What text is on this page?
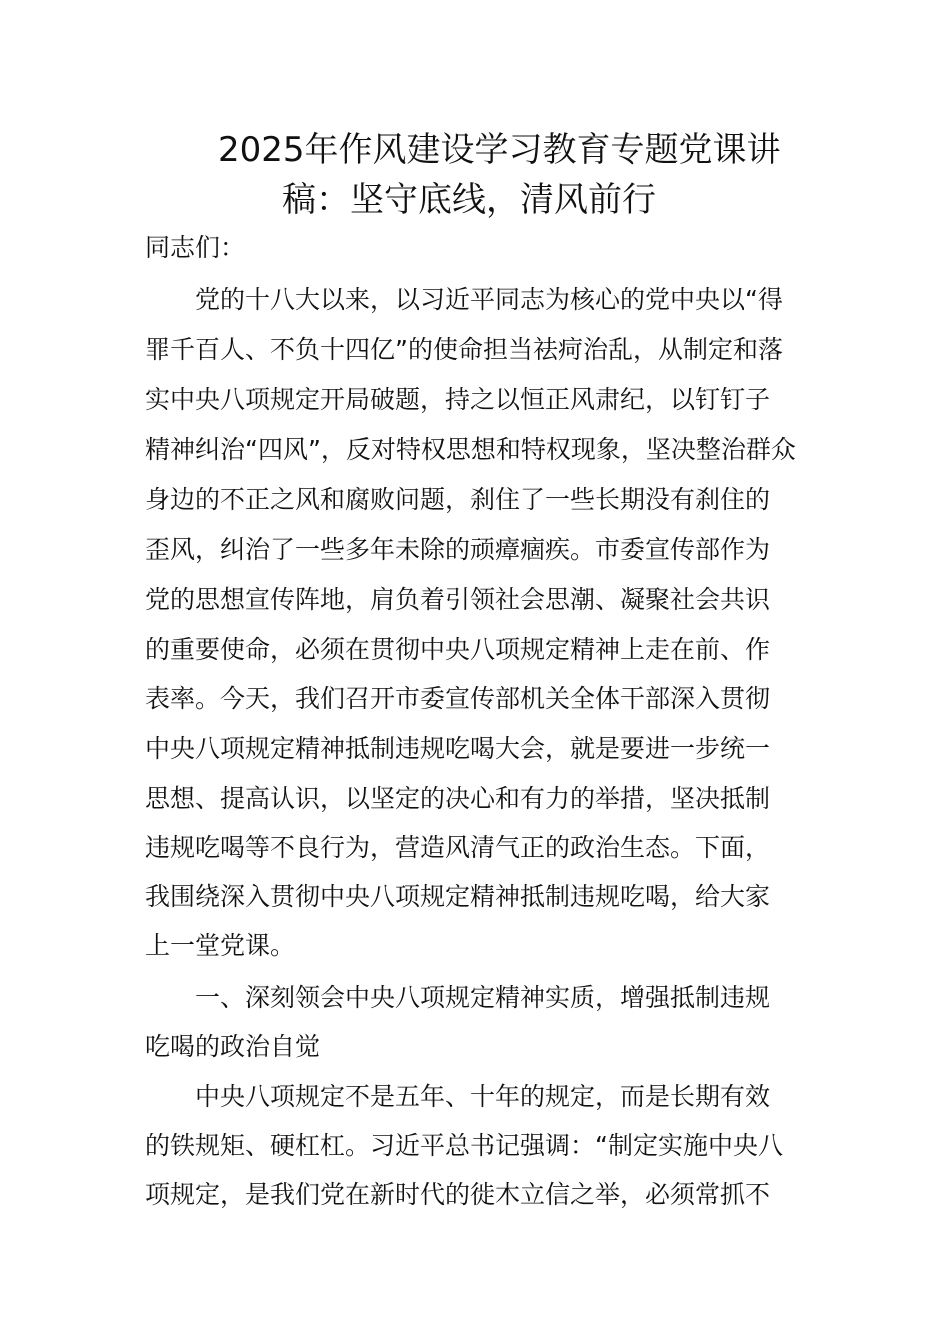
2025年作风建设学习教育专题党课讲
稿：坚守底线，清风前行
同志们：
党的十八大以来，以习近平同志为核心的党中央以“得
罪千百人、不负十四亿”的使命担当祛疴治乱，从制定和落
实中央八项规定开局破题，持之以恒正风肃纪，以钉钉子
精神纠治“四风”，反对特权思想和特权现象，坚决整治群众
身边的不正之风和腐败问题，刹住了一些长期没有刹住的
歪风，纠治了一些多年未除的顽瘴痼疾。市委宣传部作为
党的思想宣传阵地，肩负着引领社会思潮、凝聚社会共识
的重要使命，必须在贯彻中央八项规定精神上走在前、作
表率。今天，我们召开市委宣传部机关全体干部深入贯彻
中央八项规定精神抵制违规吃喝大会，就是要进一步统一
思想、提高认识，以坚定的决心和有力的举措，坚决抵制
违规吃喝等不良行为，营造风清气正的政治生态。下面，
我围绕深入贯彻中央八项规定精神抵制违规吃喝，给大家
上一堂党课。
一、深刻领会中央八项规定精神实质，增强抵制违规
吃喝的政治自觉
中央八项规定不是五年、十年的规定，而是长期有效
的铁规矩、硬杠杠。习近平总书记强调：“制定实施中央八
项规定，是我们党在新时代的徙木立信之举，必须常抓不
